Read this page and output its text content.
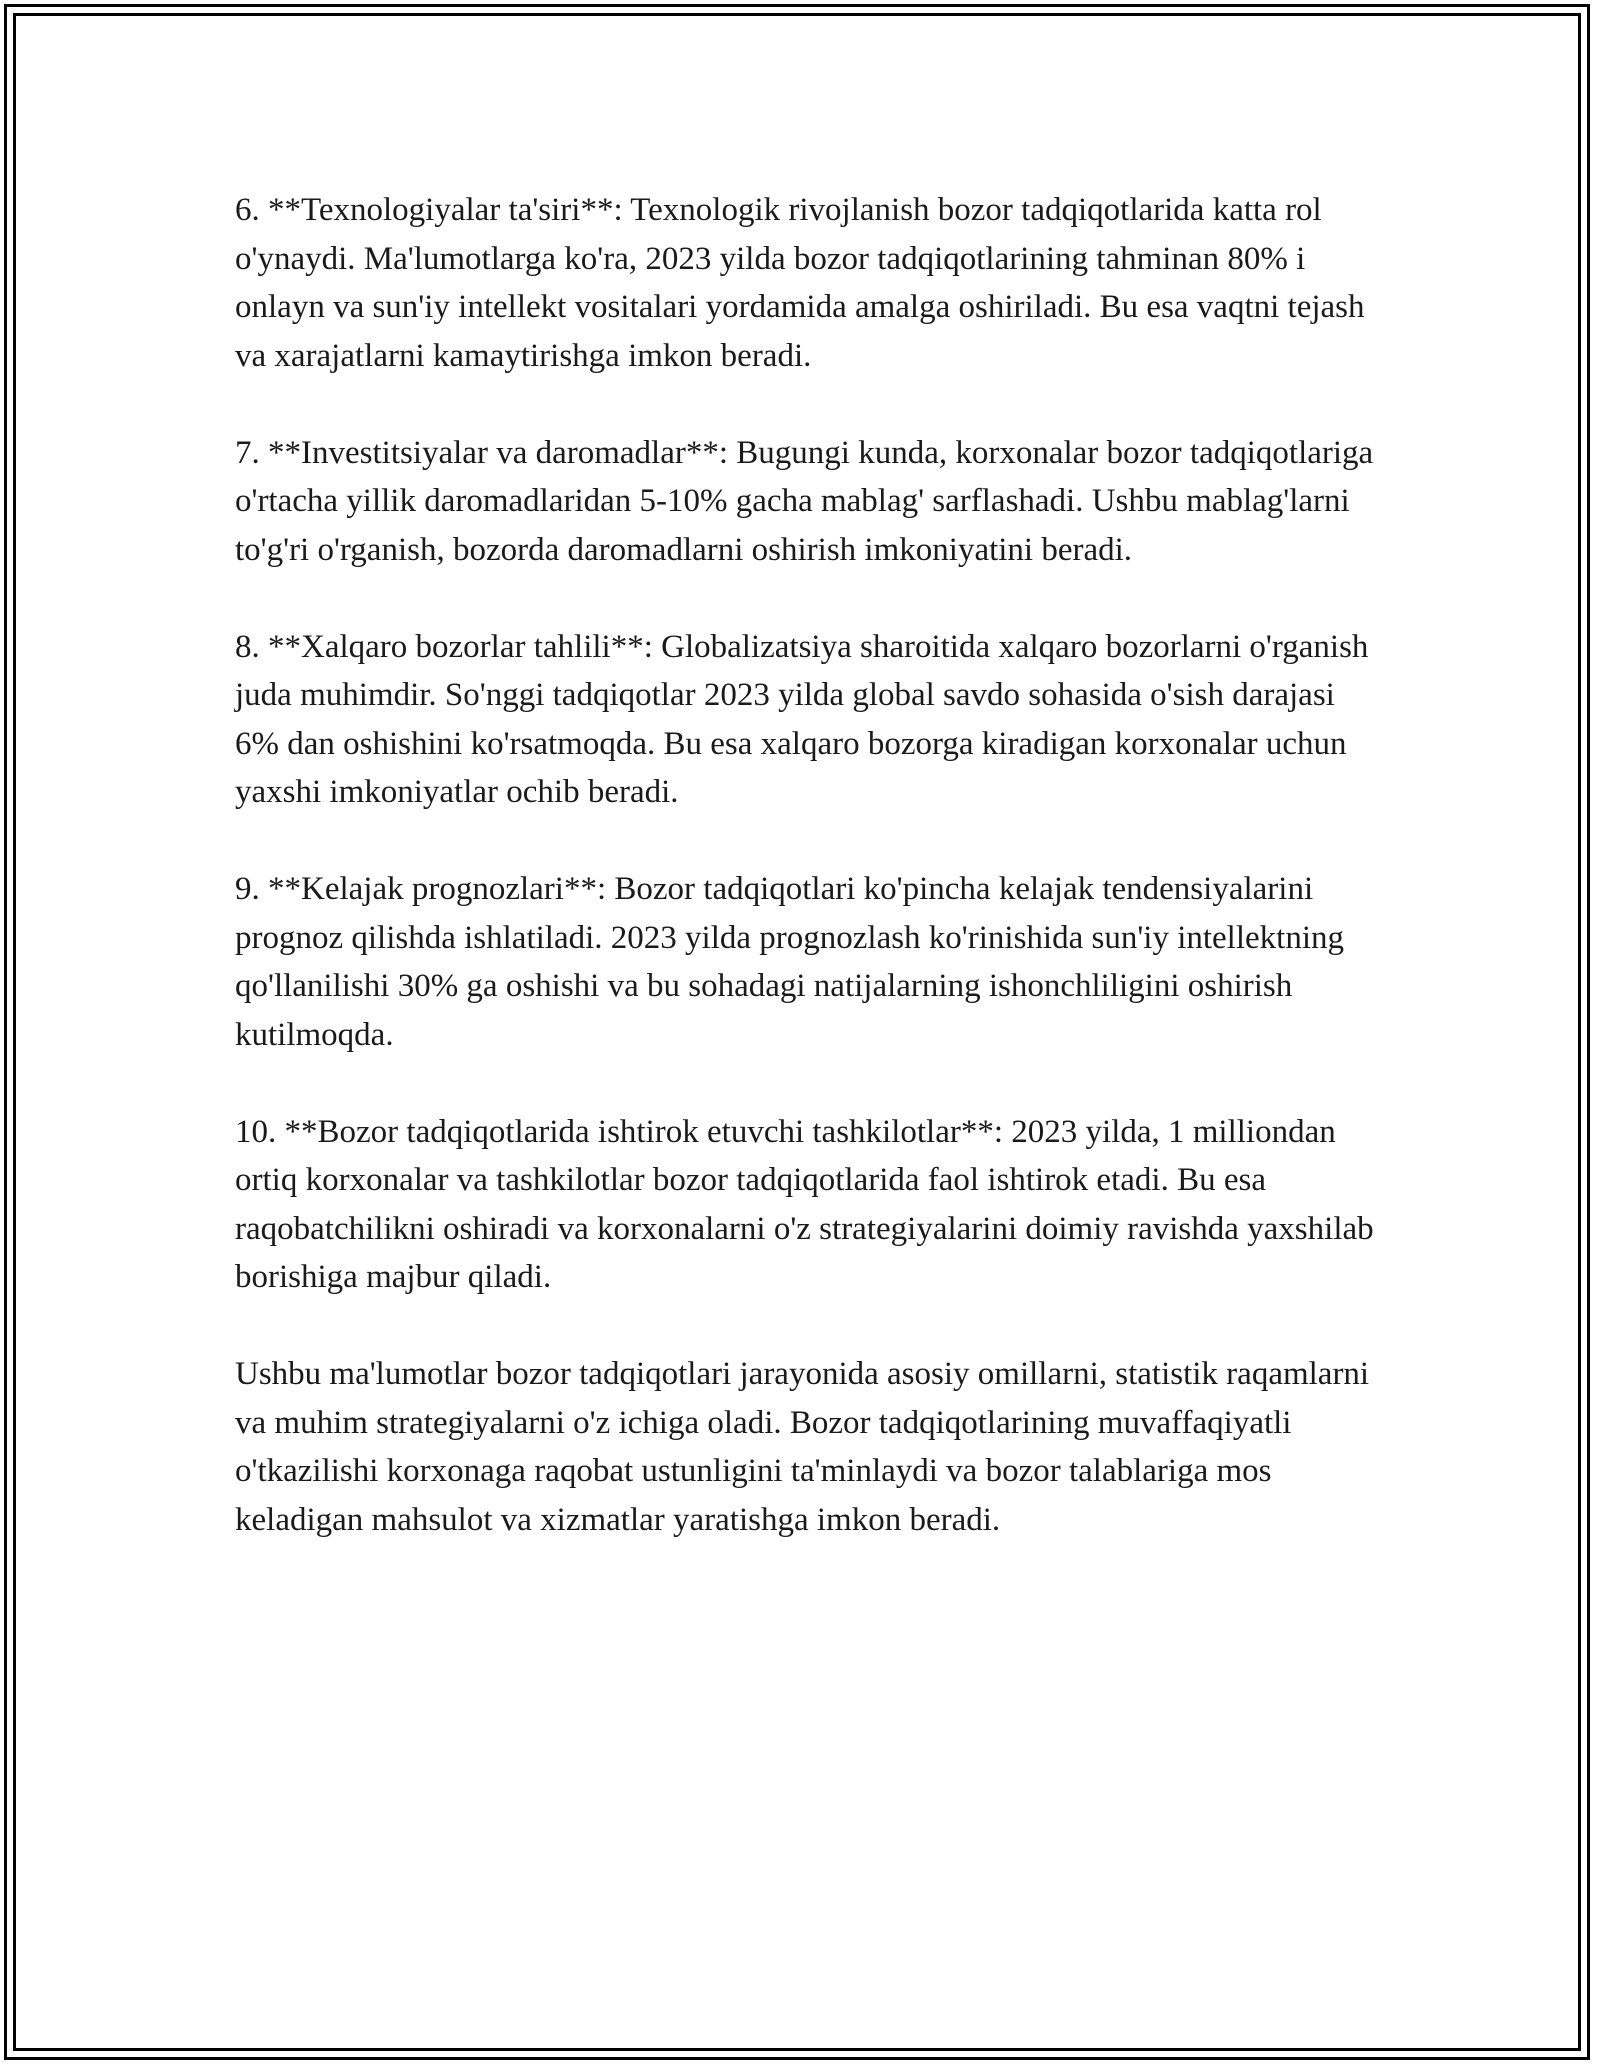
6. **Texnologiyalar ta'siri**: Texnologik rivojlanish bozor tadqiqotlarida katta rol o'ynaydi. Ma'lumotlarga ko'ra, 2023 yilda bozor tadqiqotlarining tahminan 80% i onlayn va sun'iy intellekt vositalari yordamida amalga oshiriladi. Bu esa vaqtni tejash va xarajatlarni kamaytirishga imkon beradi.

7. **Investitsiyalar va daromadlar**: Bugungi kunda, korxonalar bozor tadqiqotlariga o'rtacha yillik daromadlaridan 5-10% gacha mablag' sarflashadi. Ushbu mablag'larni to'g'ri o'rganish, bozorda daromadlarni oshirish imkoniyatini beradi.

8. **Xalqaro bozorlar tahlili**: Globalizatsiya sharoitida xalqaro bozorlarni o'rganish juda muhimdir. So'nggi tadqiqotlar 2023 yilda global savdo sohasida o'sish darajasi 6% dan oshishini ko'rsatmoqda. Bu esa xalqaro bozorga kiradigan korxonalar uchun yaxshi imkoniyatlar ochib beradi.

9. **Kelajak prognozlari**: Bozor tadqiqotlari ko'pincha kelajak tendensiyalarini prognoz qilishda ishlatiladi. 2023 yilda prognozlash ko'rinishida sun'iy intellektning qo'llanilishi 30% ga oshishi va bu sohadagi natijalarning ishonchliligini oshirish kutilmoqda.

10. **Bozor tadqiqotlarida ishtirok etuvchi tashkilotlar**: 2023 yilda, 1 milliondan ortiq korxonalar va tashkilotlar bozor tadqiqotlarida faol ishtirok etadi. Bu esa raqobatchilikni oshiradi va korxonalarni o'z strategiyalarini doimiy ravishda yaxshilab borishiga majbur qiladi.

Ushbu ma'lumotlar bozor tadqiqotlari jarayonida asosiy omillarni, statistik raqamlarni va muhim strategiyalarni o'z ichiga oladi. Bozor tadqiqotlarining muvaffaqiyatli o'tkazilishi korxonaga raqobat ustunligini ta'minlaydi va bozor talablariga mos keladigan mahsulot va xizmatlar yaratishga imkon beradi.
